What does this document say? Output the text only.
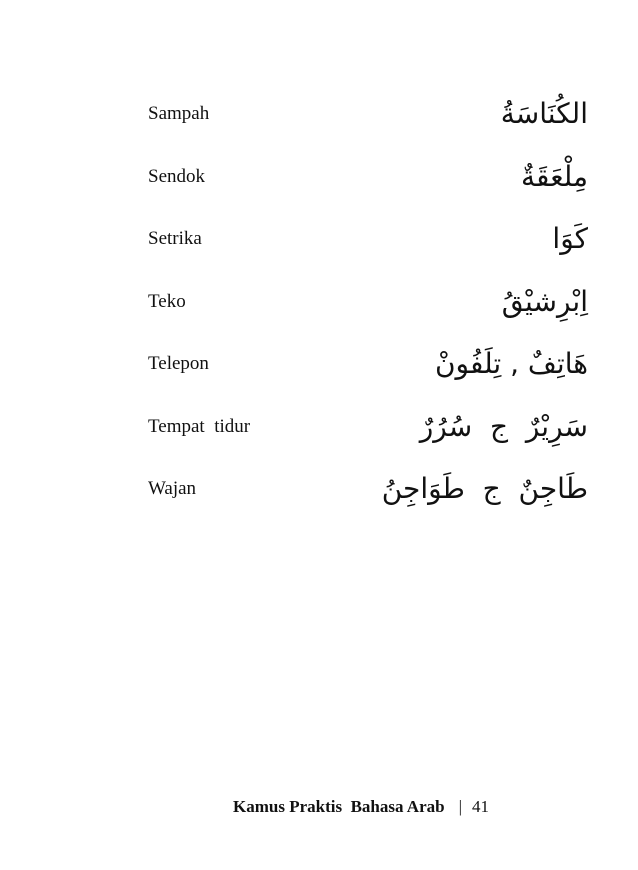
Sampah	الكُنَاسَةُ
Sendok	مِلْعَقَةٌ
Setrika	كَوَا
Teko	اِبْرِشيْقُ
Telepon	هَاتِفٌ , تِلَفُونْ
Tempat  tidur	سَرِيْرٌ  ج  سُرُرٌ
Wajan	طَاجِنٌ  ج  طَوَاجِنُ
Kamus Praktis  Bahasa Arab | 41
